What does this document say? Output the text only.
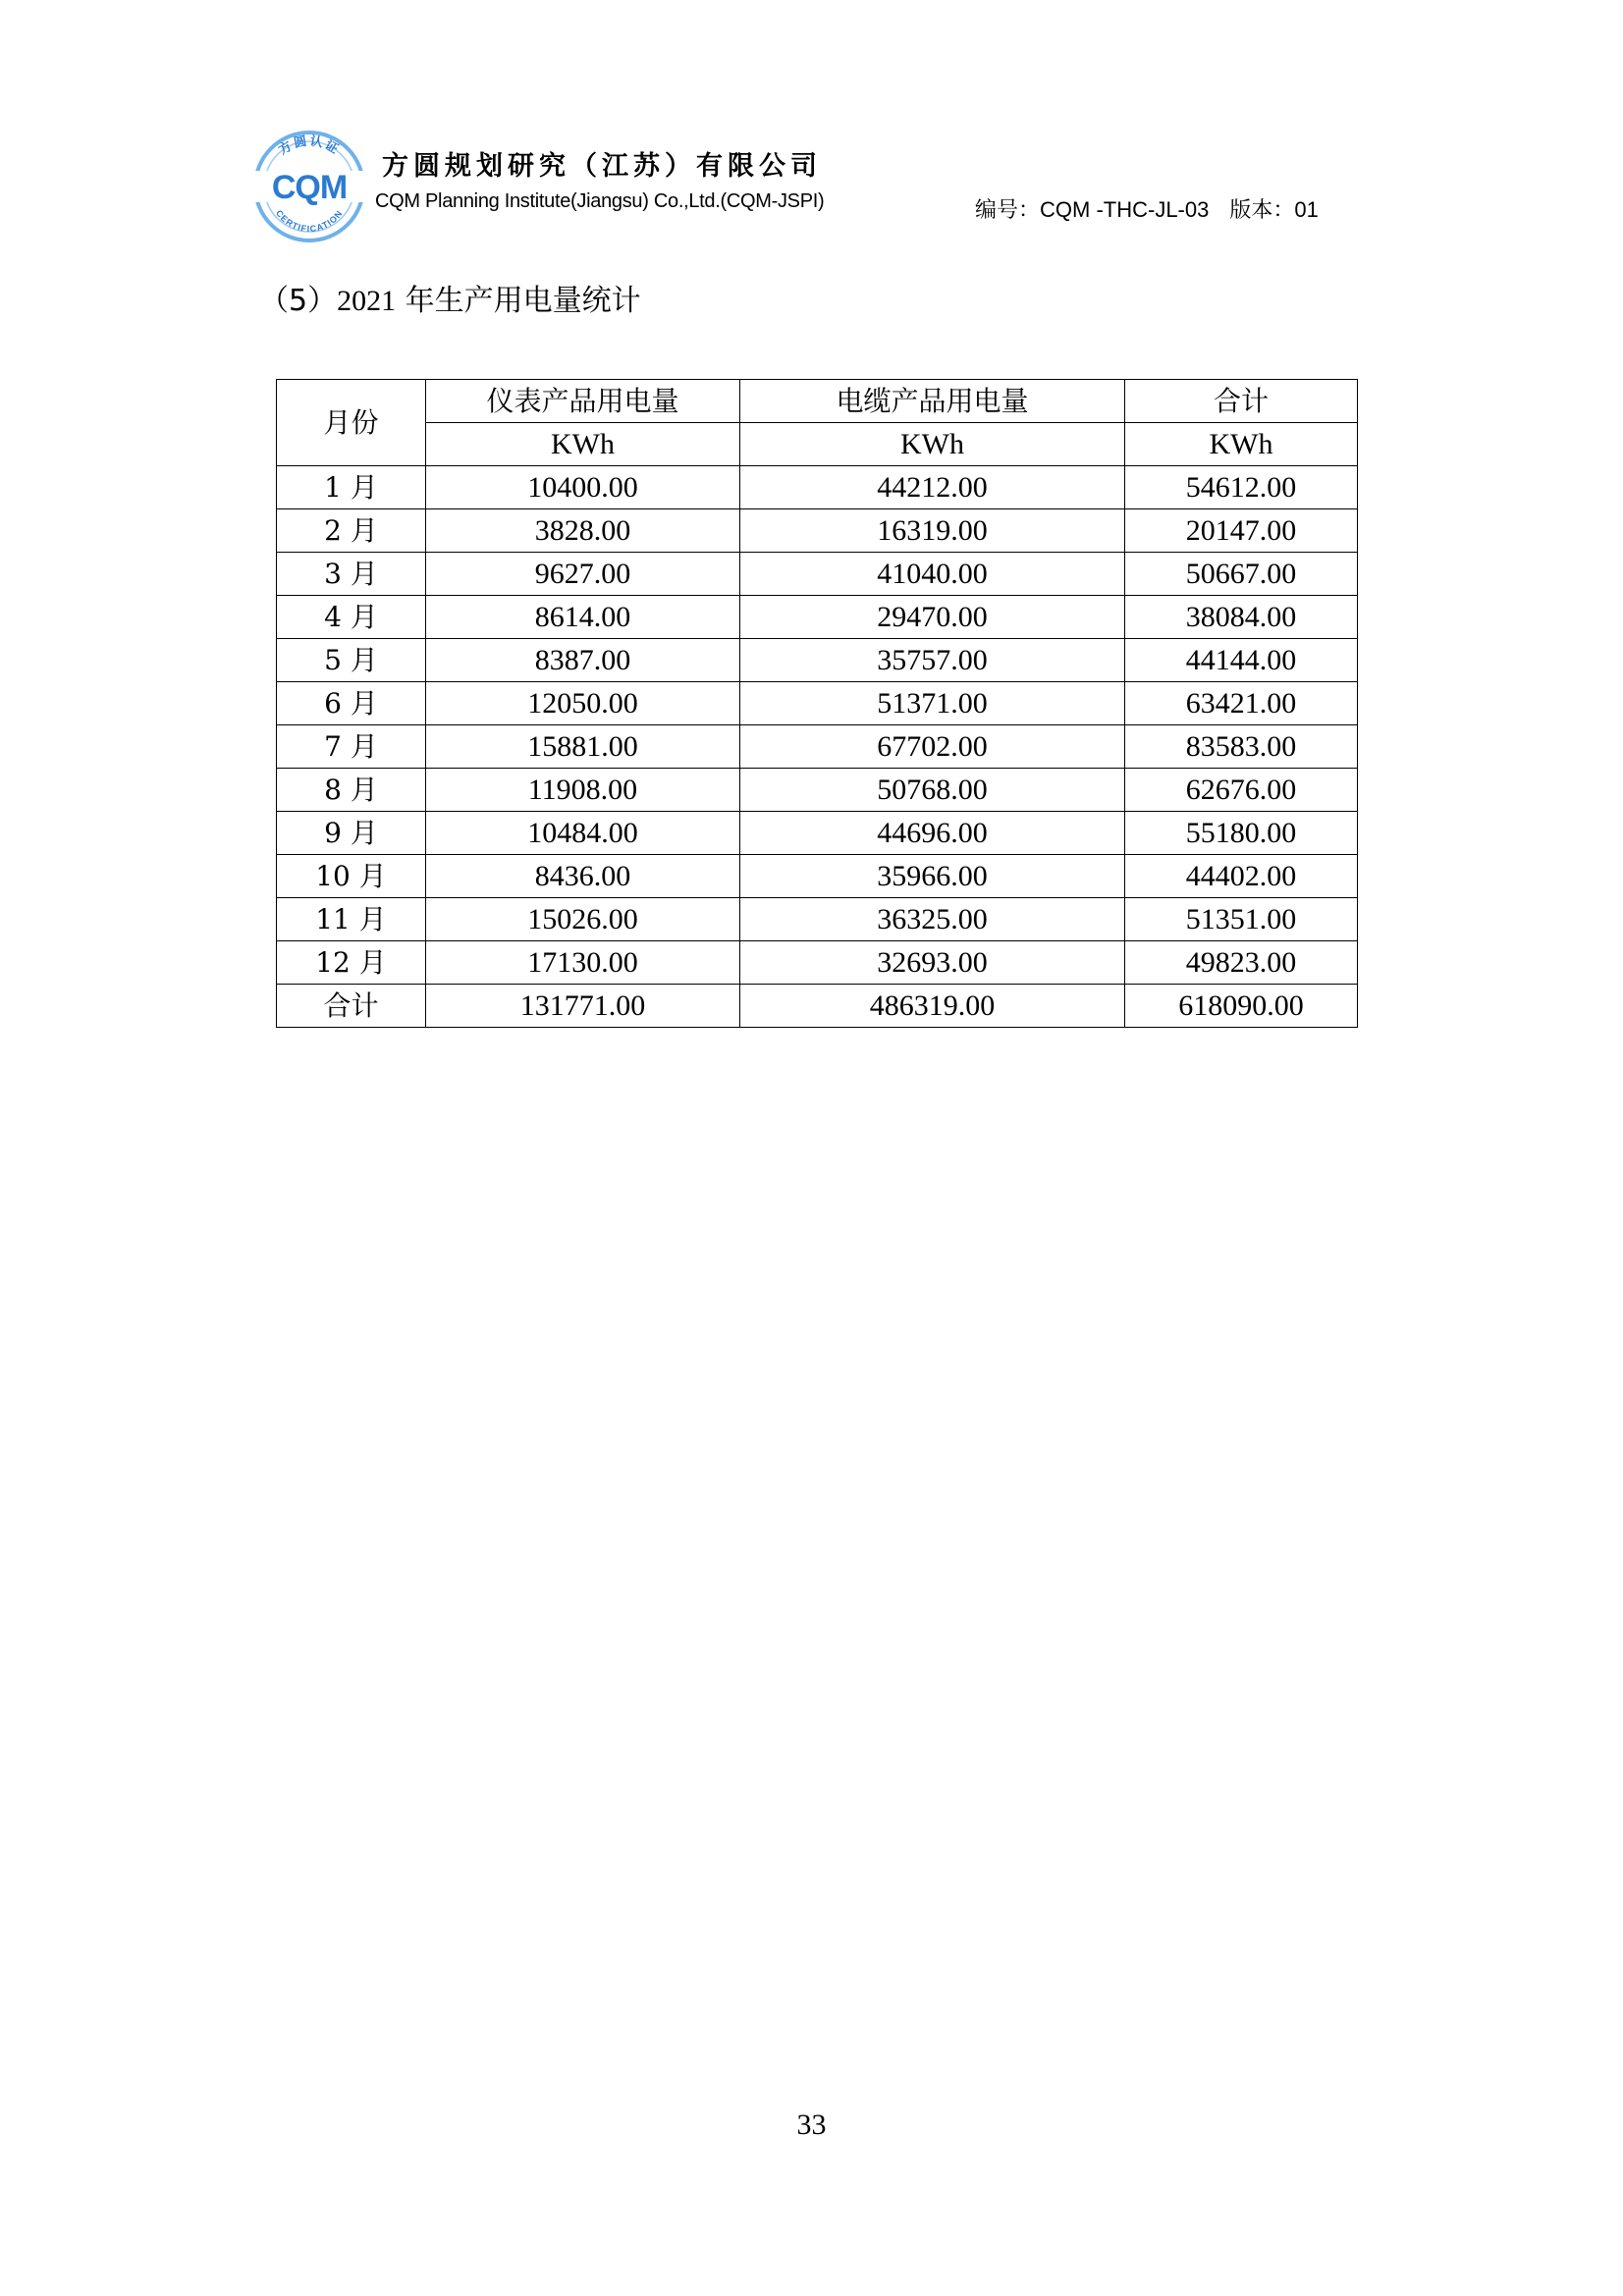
方圆认证
CQM
CERTIFICATION
方圆规划研究（江苏）有限公司
CQM Planning Institute(Jiangsu) Co.,Ltd.(CQM-JSPI)	编号：CQM -THC-JL-03 版本：01
（5）2021 年生产用电量统计
月份	仪表产品用电量	电缆产品用电量	合计
	KWh	KWh	KWh
1 月	10400.00	44212.00	54612.00
2 月	3828.00	16319.00	20147.00
3 月	9627.00	41040.00	50667.00
4 月	8614.00	29470.00	38084.00
5 月	8387.00	35757.00	44144.00
6 月	12050.00	51371.00	63421.00
7 月	15881.00	67702.00	83583.00
8 月	11908.00	50768.00	62676.00
9 月	10484.00	44696.00	55180.00
10 月	8436.00	35966.00	44402.00
11 月	15026.00	36325.00	51351.00
12 月	17130.00	32693.00	49823.00
合计	131771.00	486319.00	618090.00
33
